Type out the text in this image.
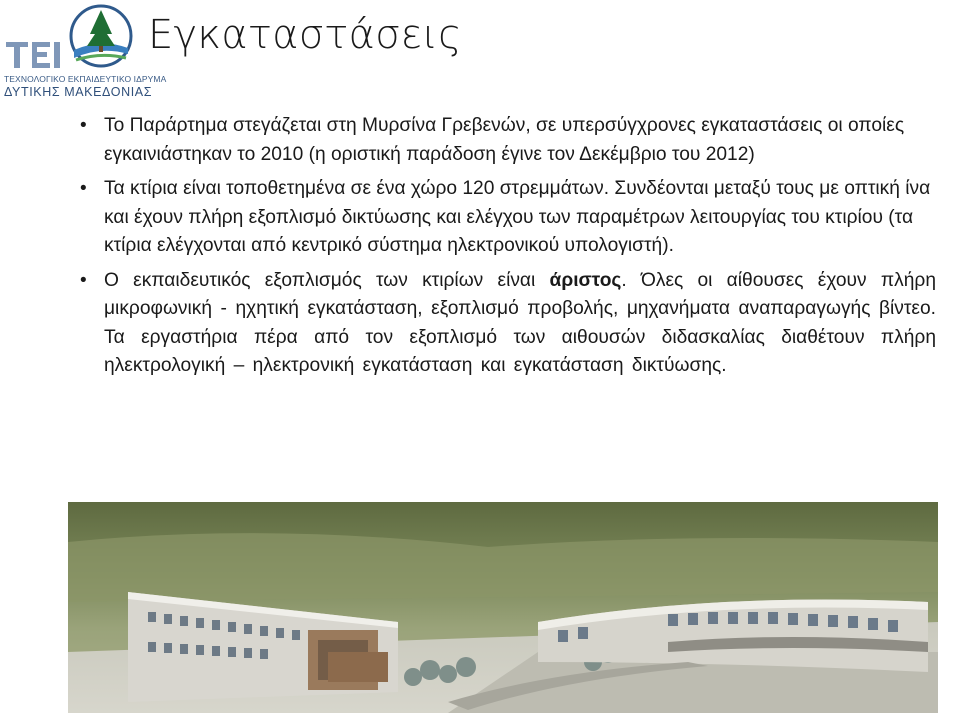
ΤΕΧΝΟΛΟΓΙΚΟ ΕΚΠΑΙΔΕΥΤΙΚΟ ΙΔΡΥΜΑ
ΔΥΤΙΚΗΣ ΜΑΚΕΔΟΝΙΑΣ
Εγκαταστάσεις
• Το Παράρτημα στεγάζεται στη Μυρσίνα Γρεβενών, σε υπερσύγχρονες εγκαταστάσεις οι οποίες εγκαινιάστηκαν το 2010 (η οριστική παράδοση έγινε τον Δεκέμβριο του 2012)
• Τα κτίρια είναι τοποθετημένα σε ένα χώρο 120 στρεμμάτων. Συνδέονται μεταξύ τους με οπτική ίνα και έχουν πλήρη εξοπλισμό δικτύωσης και ελέγχου των παραμέτρων λειτουργίας του κτιρίου (τα κτίρια ελέγχονται από κεντρικό σύστημα ηλεκτρονικού υπολογιστή).
• Ο εκπαιδευτικός εξοπλισμός των κτιρίων είναι άριστος. Όλες οι αίθουσες έχουν πλήρη μικροφωνική - ηχητική εγκατάσταση, εξοπλισμό προβολής, μηχανήματα αναπαραγωγής βίντεο. Τα εργαστήρια πέρα από τον εξοπλισμό των αιθουσών διδασκαλίας διαθέτουν πλήρη ηλεκτρολογική – ηλεκτρονική εγκατάσταση και εγκατάσταση δικτύωσης.
